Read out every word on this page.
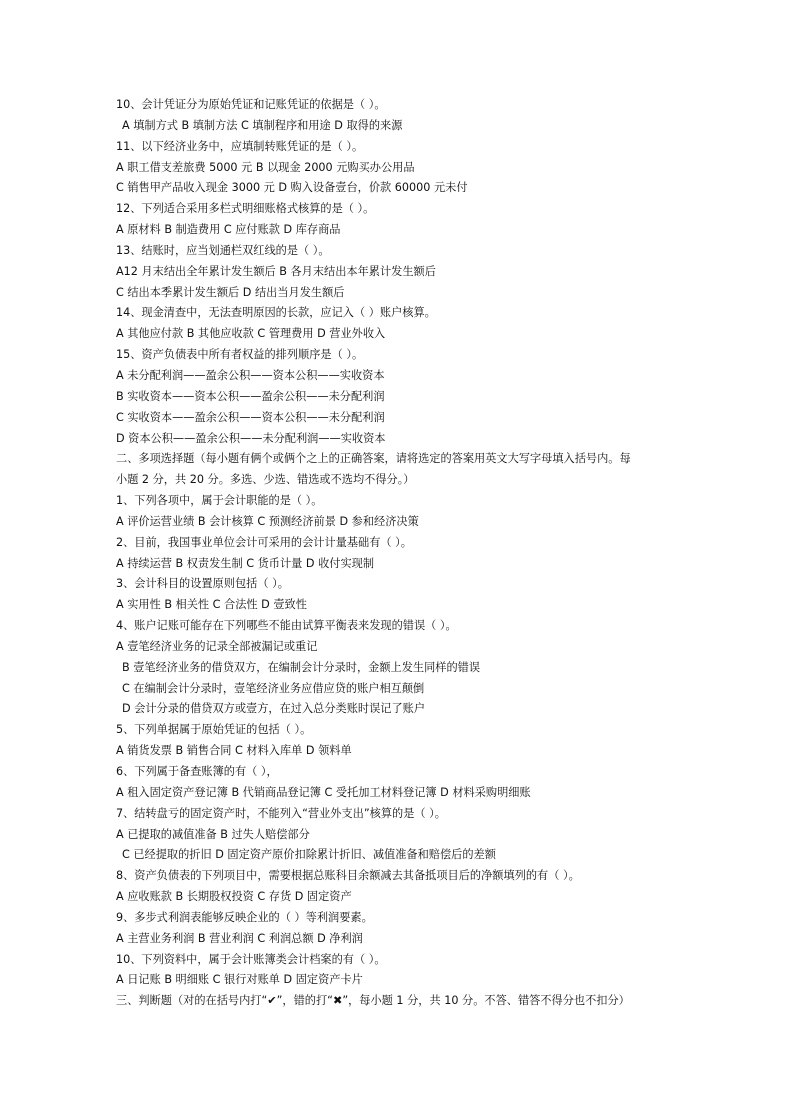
10、会计凭证分为原始凭证和记账凭证的依据是（ ）。
A 填制方式 B 填制方法 C 填制程序和用途 D 取得的来源
11、以下经济业务中，应填制转账凭证的是（ ）。
A 职工借支差旅费 5000 元 B 以现金 2000 元购买办公用品
C 销售甲产品收入现金 3000 元 D 购入设备壹台，价款 60000 元未付
12、下列适合采用多栏式明细账格式核算的是（ ）。
A 原材料 B 制造费用 C 应付账款 D 库存商品
13、结账时，应当划通栏双红线的是（ ）。
A12 月末结出全年累计发生额后 B 各月末结出本年累计发生额后
C 结出本季累计发生额后 D 结出当月发生额后
14、现金清查中，无法查明原因的长款，应记入（ ）账户核算。
A 其他应付款 B 其他应收款 C 管理费用 D 营业外收入
15、资产负债表中所有者权益的排列顺序是（ ）。
A 未分配利润——盈余公积——资本公积——实收资本
B 实收资本——资本公积——盈余公积——未分配利润
C 实收资本——盈余公积——资本公积——未分配利润
D 资本公积——盈余公积——未分配利润——实收资本
二、多项选择题（每小题有俩个或俩个之上的正确答案，请将选定的答案用英文大写字母填入括号内。每
小题 2 分，共 20 分。多选、少选、错选或不选均不得分。）
1、下列各项中，属于会计职能的是（ ）。
A 评价运营业绩 B 会计核算 C 预测经济前景 D 参和经济决策
2、目前，我国事业单位会计可采用的会计计量基础有（ ）。
A 持续运营 B 权责发生制 C 货币计量 D 收付实现制
3、会计科目的设置原则包括（ ）。
A 实用性 B 相关性 C 合法性 D 壹致性
4、账户记账可能存在下列哪些不能由试算平衡表来发现的错误（ ）。
A 壹笔经济业务的记录全部被漏记或重记
B 壹笔经济业务的借贷双方，在编制会计分录时，金额上发生同样的错误
C 在编制会计分录时，壹笔经济业务应借应贷的账户相互颠倒
D 会计分录的借贷双方或壹方，在过入总分类账时误记了账户
5、下列单据属于原始凭证的包括（ ）。
A 销货发票 B 销售合同 C 材料入库单 D 领料单
6、下列属于备查账簿的有（ ），
A 租入固定资产登记簿 B 代销商品登记簿 C 受托加工材料登记簿 D 材料采购明细账
7、结转盘亏的固定资产时，不能列入“营业外支出”核算的是（ ）。
A 已提取的减值准备 B 过失人赔偿部分
C 已经提取的折旧 D 固定资产原价扣除累计折旧、减值准备和赔偿后的差额
8、资产负债表的下列项目中，需要根据总账科目余额减去其备抵项目后的净额填列的有（ ）。
A 应收账款 B 长期股权投资 C 存货 D 固定资产
9、多步式利润表能够反映企业的（ ）等利润要素。
A 主营业务利润 B 营业利润 C 利润总额 D 净利润
10、下列资料中，属于会计账簿类会计档案的有（ ）。
A 日记账 B 明细账 C 银行对账单 D 固定资产卡片
三、判断题（对的在括号内打“✔”，错的打“✖”，每小题 1 分，共 10 分。不答、错答不得分也不扣分）
